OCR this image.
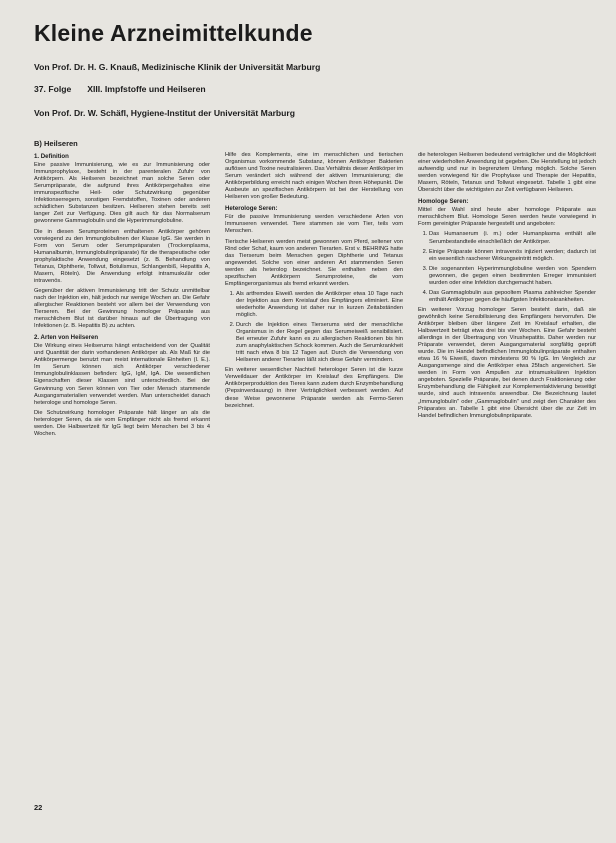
Kleine Arzneimittelkunde
Von Prof. Dr. H. G. Knauß, Medizinische Klinik der Universität Marburg
37. Folge XIII. Impfstoffe und Heilseren
Von Prof. Dr. W. Schäfl, Hygiene-Institut der Universität Marburg
B) Heilseren
1. Definition

Eine passive Immunisierung, wie es zur Immunisierung oder Immunprophylaxe, besteht in der parenteralen Zufuhr von Antikörpern. Als Heilseren bezeichnet man solche Seren oder Serumpräparate, die aufgrund ihres Antikörpergehaltes eine immunspezifische Heil- oder Schutzwirkung gegenüber Infektionserregern, sonstigen Fremdstoffen, Toxinen oder anderen schädlichen Substanzen besitzen. Heilseren stehen bereits seit langer Zeit zur Verfügung. Dies gilt auch für das Normalserum gewonnene Gammaglobulin und die Hyperimmunglobuline.

Die in diesen Serumproteinen enthaltenen Antikörper gehören vorwiegend zu den Immunglobulinen der Klasse IgG. Sie werden in Form von Serum oder Serumpräparaten (Trockenplasma, Humanalbumin, Immunglobulinpräparate) für die therapeutische oder prophylaktische Anwendung eingesetzt (z. B. Behandlung von Tetanus, Diphtherie, Tollwut, Botulismus, Schlangenbiß, Hepatitis A, Masern, Röteln). Die Anwendung erfolgt intramuskulär oder intravenös.

Gegenüber der aktiven Immunisierung tritt der Schutz unmittelbar nach der Injektion ein, hält jedoch nur wenige Wochen an. Die Gefahr allergischer Reaktionen besteht vor allem bei der Verwendung von Tierseren. Bei der Gewinnung homologer Präparate aus menschlichem Blut ist darüber hinaus auf die Übertragung von Infektionen (z. B. Hepatitis B) zu achten.

2. Arten von Heilseren

Die Wirkung eines Heilserums hängt entscheidend von der Qualität und Quantität der darin vorhandenen Antikörper ab. Als Maß für die Antikörpermenge benutzt man meist internationale Einheiten (I. E.). Im Serum können sich Antikörper verschiedener Immunglobulinklassen befinden: IgG, IgM, IgA. Die wesentlichen Eigenschaften dieser Klassen sind unterschiedlich. Bei der Gewinnung von Seren können von Tier oder Mensch stammende Ausgangsmaterialien verwendet werden. Man unterscheidet danach heterologe und homologe Seren.

Die Schutzwirkung homologer Präparate hält länger an als die heterologer Seren, da sie vom Empfänger nicht als fremd erkannt werden. Die Halbwertzeit für IgG liegt beim Menschen bei 3 bis 4 Wochen.

Hilfe des Komplements, eine im menschlichen und tierischen Organismus vorkommende Substanz, können Antikörper Bakterien auflösen und Toxine neutralisieren. Das Verhältnis dieser Antikörper im Serum verändert sich während der aktiven Immunisierung; die Antikörperbildung erreicht nach einigen Wochen ihren Höhepunkt. Die Ausbeute an spezifischen Antikörpern ist bei der Herstellung von Heilseren von großer Bedeutung.

Heterologe Seren:

Für die passive Immunisierung werden verschiedene Arten von Immunseren verwendet. Tiere stammen sie vom Tier, teils vom Menschen.

Tierische Heilseren werden meist gewonnen vom Pferd, seltener von Rind oder Schaf, kaum von anderen Tierarten. Erst v. BEHRING hatte das Tierserum beim Menschen gegen Diphtherie und Tetanus angewendet. Solche von einer anderen Art stammenden Seren werden als heterolog bezeichnet. Sie enthalten neben den spezifischen Antikörpern Serumproteine, die vom Empfängerorganismus als fremd erkannt werden.

1. Als artfremdes Eiweiß werden die Antikörper etwa 10 Tage nach der Injektion aus dem Kreislauf des Empfängers eliminiert. Eine wiederholte Anwendung ist daher nur in kurzen Zeitabständen möglich.
2. Durch die Injektion eines Tierserums wird der menschliche Organismus in der Regel gegen das Serumeiweiß sensibilisiert. Bei erneuter Zufuhr kann es zu allergischen Reaktionen bis hin zum anaphylaktischen Schock kommen. Auch die Serumkrankheit tritt nach etwa 8 bis 12 Tagen auf. Durch die Verwendung von Heilseren anderer Tierarten läßt sich diese Gefahr vermindern.

Ein weiterer wesentlicher Nachteil heterologer Seren ist die kurze Verweildauer der Antikörper im Kreislauf des Empfängers. Die Antikörperproduktion des Tieres kann zudem durch Enzymbehandlung (Pepsinverdauung) in ihrer Verträglichkeit verbessert werden. Auf diese Weise gewonnene Präparate werden als Fermo-Seren bezeichnet.

die heterologen Heilseren bedeutend verträglicher und die Möglichkeit einer wiederholten Anwendung ist gegeben. Die Herstellung ist jedoch aufwendig und nur in begrenztem Umfang möglich. Solche Seren werden vorwiegend für die Prophylaxe und Therapie der Hepatitis, Masern, Röteln, Tetanus und Tollwut eingesetzt. Tabelle 1 gibt eine Übersicht über die wichtigsten zur Zeit verfügbaren Heilseren.

Homologe Seren:

Mittel der Wahl sind heute aber homologe Präparate aus menschlichem Blut. Homologe Seren werden heute vorwiegend in Form gereinigter Präparate hergestellt und angeboten:

1. Das Humanserum (i. m.) oder Humanplasma enthält alle Serumbestandteile einschließlich der Antikörper.
2. Einige Präparate können intravenös injiziert werden; dadurch ist ein wesentlich rascherer Wirkungseintritt möglich.
3. Die sogenannten Hyperimmunglobuline werden von Spendern gewonnen, die gegen einen bestimmten Erreger immunisiert wurden oder eine Infektion durchgemacht haben.
4. Das Gammaglobulin aus gepooltem Plasma zahlreicher Spender enthält Antikörper gegen die häufigsten Infektionskrankheiten.

Ein weiterer Vorzug homologer Seren besteht darin, daß sie gewöhnlich keine Sensibilisierung des Empfängers hervorrufen. Die Antikörper bleiben über längere Zeit im Kreislauf erhalten, die Halbwertzeit beträgt etwa drei bis vier Wochen. Eine Gefahr besteht allerdings in der Übertragung von Virushepatitis. Daher werden nur Präparate verwendet, deren Ausgangsmaterial sorgfältig geprüft wurde. Die im Handel befindlichen Immunglobulinpräparate enthalten etwa 16 % Eiweiß, davon mindestens 90 % IgG. Im Vergleich zur Ausgangsmenge sind die Antikörper etwa 25fach angereichert. Sie werden in Form von Ampullen zur intramuskulären Injektion angeboten. Spezielle Präparate, bei denen durch Fraktionierung oder Enzymbehandlung die Fähigkeit zur Komplementaktivierung beseitigt wurde, sind auch intravenös anwendbar. Die Bezeichnung lautet „Immunglobulin" oder „Gammaglobulin" und zeigt den Charakter des Präparates an. Tabelle 1 gibt eine Übersicht über die zur Zeit im Handel befindlichen Immunglobulinpräparate.

22
